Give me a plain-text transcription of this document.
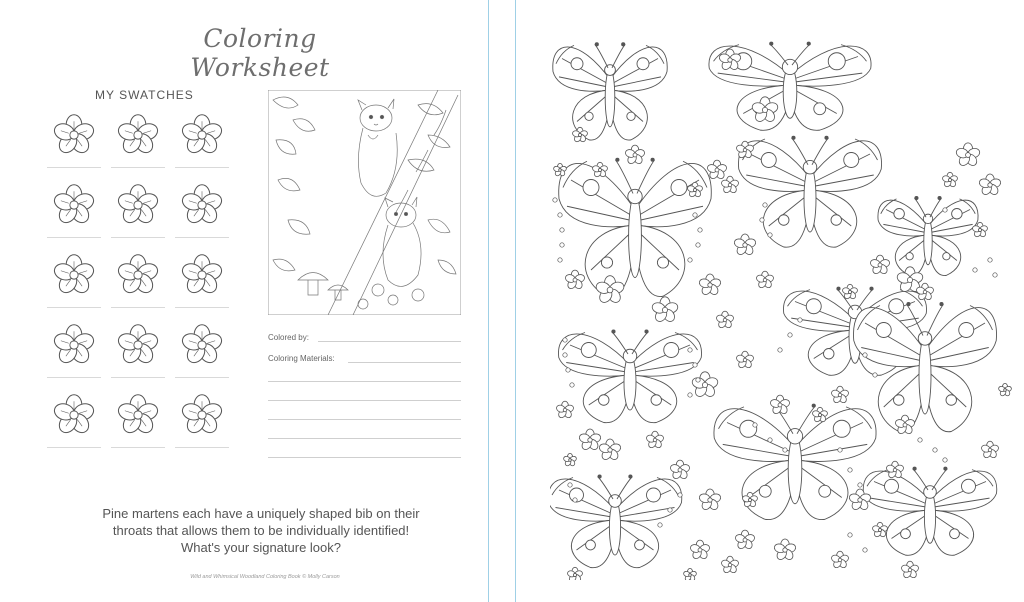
Coloring Worksheet
MY SWATCHES
Colored by:
Coloring Materials:
Pine martens each have a uniquely shaped bib on their throats that allows them to be individually identified! What's your signature look?
Wild and Whimsical Woodland Coloring Book © Molly Carson
